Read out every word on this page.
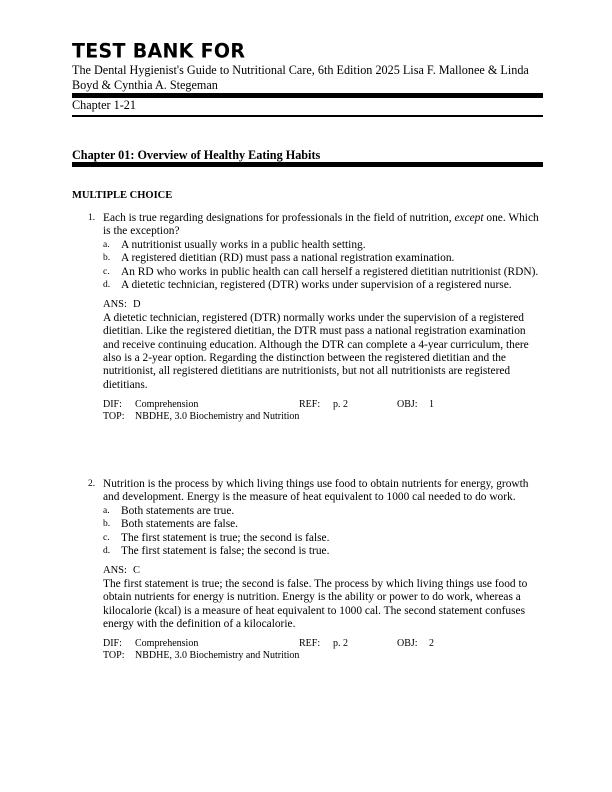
TEST BANK FOR
The Dental Hygienist's Guide to Nutritional Care, 6th Edition 2025 Lisa F. Mallonee & Linda Boyd & Cynthia A. Stegeman
Chapter 1-21
Chapter 01: Overview of Healthy Eating Habits
MULTIPLE CHOICE
1. Each is true regarding designations for professionals in the field of nutrition, except one. Which is the exception?
a. A nutritionist usually works in a public health setting.
b. A registered dietitian (RD) must pass a national registration examination.
c. An RD who works in public health can call herself a registered dietitian nutritionist (RDN).
d. A dietetic technician, registered (DTR) works under supervision of a registered nurse.
ANS: D
A dietetic technician, registered (DTR) normally works under the supervision of a registered dietitian. Like the registered dietitian, the DTR must pass a national registration examination and receive continuing education. Although the DTR can complete a 4-year curriculum, there also is a 2-year option. Regarding the distinction between the registered dietitian and the nutritionist, all registered dietitians are nutritionists, but not all nutritionists are registered dietitians.
DIF: Comprehension	REF: p. 2	OBJ: 1
TOP: NBDHE, 3.0 Biochemistry and Nutrition
2. Nutrition is the process by which living things use food to obtain nutrients for energy, growth and development. Energy is the measure of heat equivalent to 1000 cal needed to do work.
a. Both statements are true.
b. Both statements are false.
c. The first statement is true; the second is false.
d. The first statement is false; the second is true.
ANS: C
The first statement is true; the second is false. The process by which living things use food to obtain nutrients for energy is nutrition. Energy is the ability or power to do work, whereas a kilocalorie (kcal) is a measure of heat equivalent to 1000 cal. The second statement confuses energy with the definition of a kilocalorie.
DIF: Comprehension	REF: p. 2	OBJ: 2
TOP: NBDHE, 3.0 Biochemistry and Nutrition
